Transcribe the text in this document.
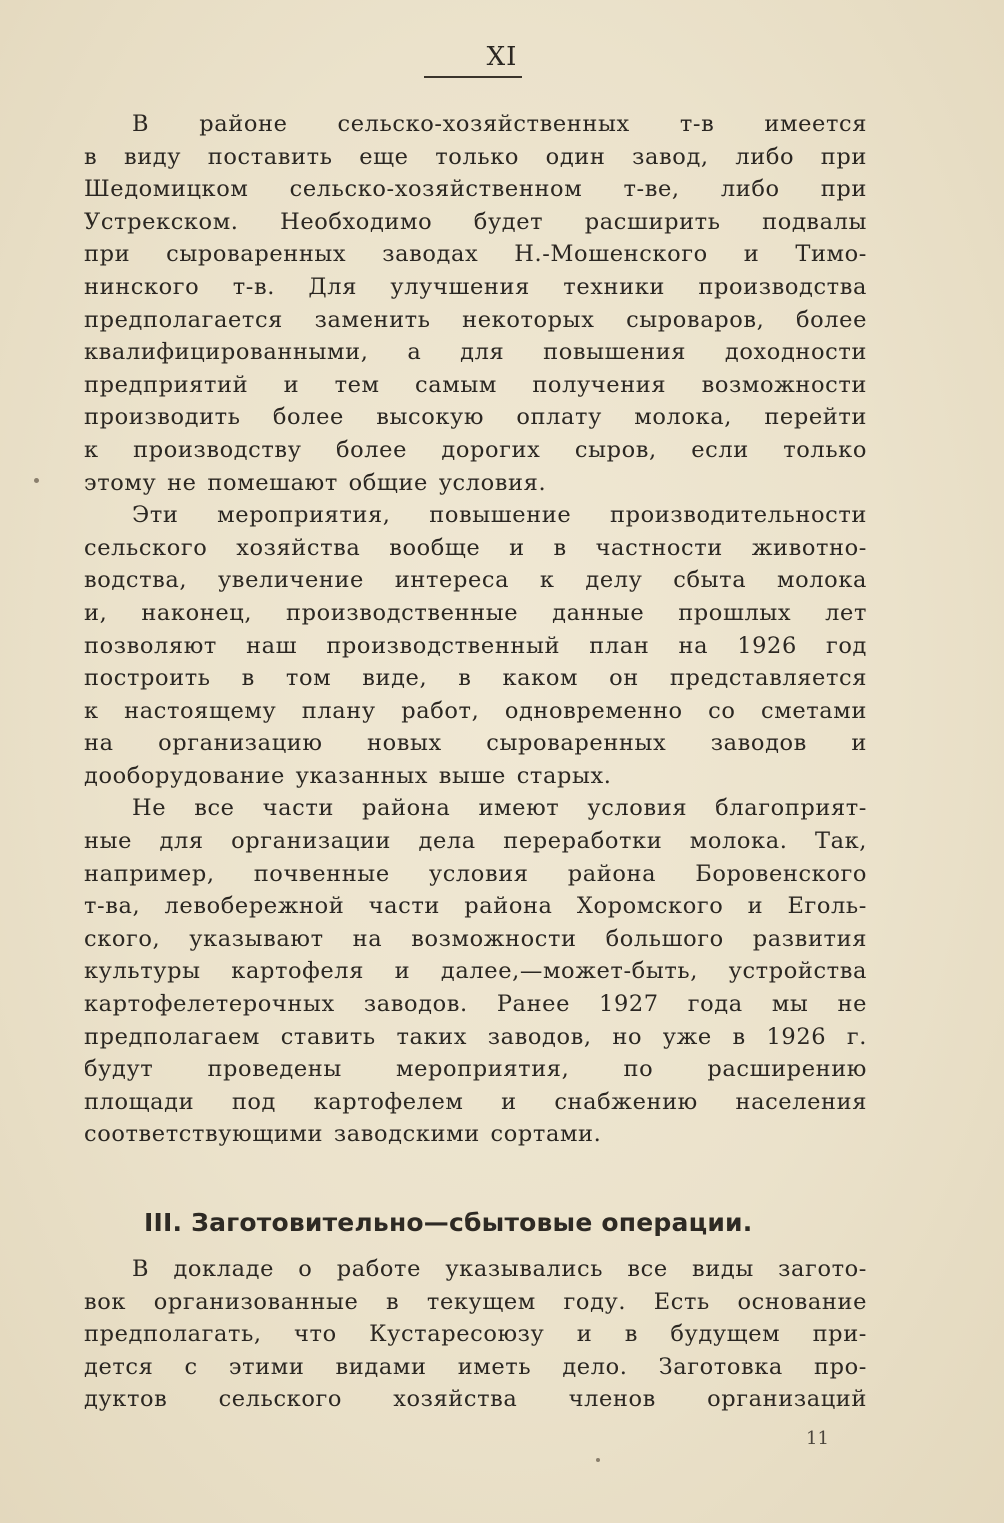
XI
В районе сельско-хозяйственных т-в имеется
в виду поставить еще только один завод, либо при
Шедомицком сельско-хозяйственном т-ве, либо при
Устрекском. Необходимо будет расширить подвалы
при сыроваренных заводах Н.-Мошенского и Тимо-
нинского т-в. Для улучшения техники производства
предполагается заменить некоторых сыроваров, более
квалифицированными, а для повышения доходности
предприятий и тем самым получения возможности
производить более высокую оплату молока, перейти
к производству более дорогих сыров, если только
этому не помешают общие условия.
Эти мероприятия, повышение производительности
сельского хозяйства вообще и в частности животно-
водства, увеличение интереса к делу сбыта молока
и, наконец, производственные данные прошлых лет
позволяют наш производственный план на 1926 год
построить в том виде, в каком он представляется
к настоящему плану работ, одновременно со сметами
на организацию новых сыроваренных заводов и
дооборудование указанных выше старых.
Не все части района имеют условия благоприят-
ные для организации дела переработки молока. Так,
например, почвенные условия района Боровенского
т-ва, левобережной части района Хоромского и Еголь-
ского, указывают на возможности большого развития
культуры картофеля и далее,—может-быть, устройства
картофелетерочных заводов. Ранее 1927 года мы не
предполагаем ставить таких заводов, но уже в 1926 г.
будут проведены мероприятия, по расширению
площади под картофелем и снабжению населения
соответствующими заводскими сортами.
III. Заготовительно—сбытовые операции.
В докладе о работе указывались все виды загото-
вок организованные в текущем году. Есть основание
предполагать, что Кустаресоюзу и в будущем при-
дется с этими видами иметь дело. Заготовка про-
дуктов сельского хозяйства членов организаций
11
